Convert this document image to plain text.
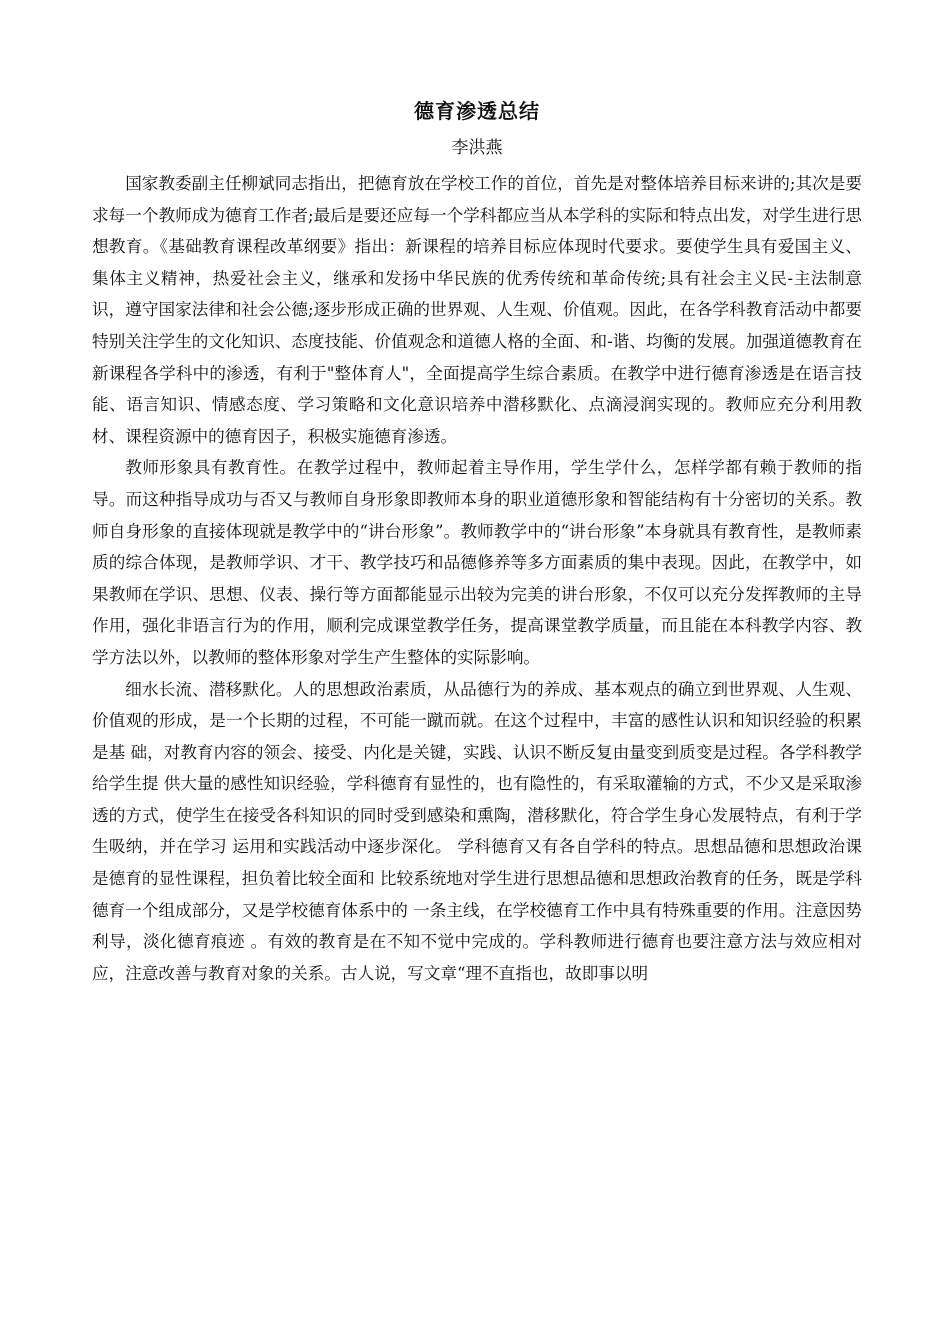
德育渗透总结
李洪燕

国家教委副主任柳斌同志指出，把德育放在学校工作的首位，首先是对整体培养目标来讲的;其次是要求每一个教师成为德育工作者;最后是要还应每一个学科都应当从本学科的实际和特点出发，对学生进行思想教育。《基础教育课程改革纲要》指出：新课程的培养目标应体现时代要求。要使学生具有爱国主义、集体主义精神，热爱社会主义，继承和发扬中华民族的优秀传统和革命传统;具有社会主义民-主法制意识，遵守国家法律和社会公德;逐步形成正确的世界观、人生观、价值观。因此，在各学科教育活动中都要特别关注学生的文化知识、态度技能、价值观念和道德人格的全面、和-谐、均衡的发展。加强道德教育在新课程各学科中的渗透，有利于"整体育人"，全面提高学生综合素质。在教学中进行德育渗透是在语言技能、语言知识、情感态度、学习策略和文化意识培养中潜移默化、点滴浸润实现的。教师应充分利用教材、课程资源中的德育因子，积极实施德育渗透。

教师形象具有教育性。在教学过程中，教师起着主导作用，学生学什么，怎样学都有赖于教师的指导。而这种指导成功与否又与教师自身形象即教师本身的职业道德形象和智能结构有十分密切的关系。教师自身形象的直接体现就是教学中的“讲台形象”。教师教学中的“讲台形象”本身就具有教育性，是教师素质的综合体现，是教师学识、才干、教学技巧和品德修养等多方面素质的集中表现。因此，在教学中，如果教师在学识、思想、仪表、操行等方面都能显示出较为完美的讲台形象，不仅可以充分发挥教师的主导作用，强化非语言行为的作用，顺利完成课堂教学任务，提高课堂教学质量，而且能在本科教学内容、教学方法以外，以教师的整体形象对学生产生整体的实际影响。

细水长流、潜移默化。人的思想政治素质，从品德行为的养成、基本观点的确立到世界观、人生观、 价值观的形成，是一个长期的过程，不可能一蹴而就。在这个过程中，丰富的感性认识和知识经验的积累是基 础，对教育内容的领会、接受、内化是关键，实践、认识不断反复由量变到质变是过程。各学科教学给学生提 供大量的感性知识经验，学科德育有显性的，也有隐性的，有采取灌输的方式，不少又是采取渗透的方式，使学生在接受各科知识的同时受到感染和熏陶，潜移默化，符合学生身心发展特点，有利于学生吸纳，并在学习 运用和实践活动中逐步深化。 学科德育又有各自学科的特点。思想品德和思想政治课是德育的显性课程，担负着比较全面和 比较系统地对学生进行思想品德和思想政治教育的任务，既是学科德育一个组成部分，又是学校德育体系中的 一条主线，在学校德育工作中具有特殊重要的作用。注意因势利导，淡化德育痕迹 。有效的教育是在不知不觉中完成的。学科教师进行德育也要注意方法与效应相对应，注意改善与教育对象的关系。古人说，写文章“理不直指也，故即事以明
